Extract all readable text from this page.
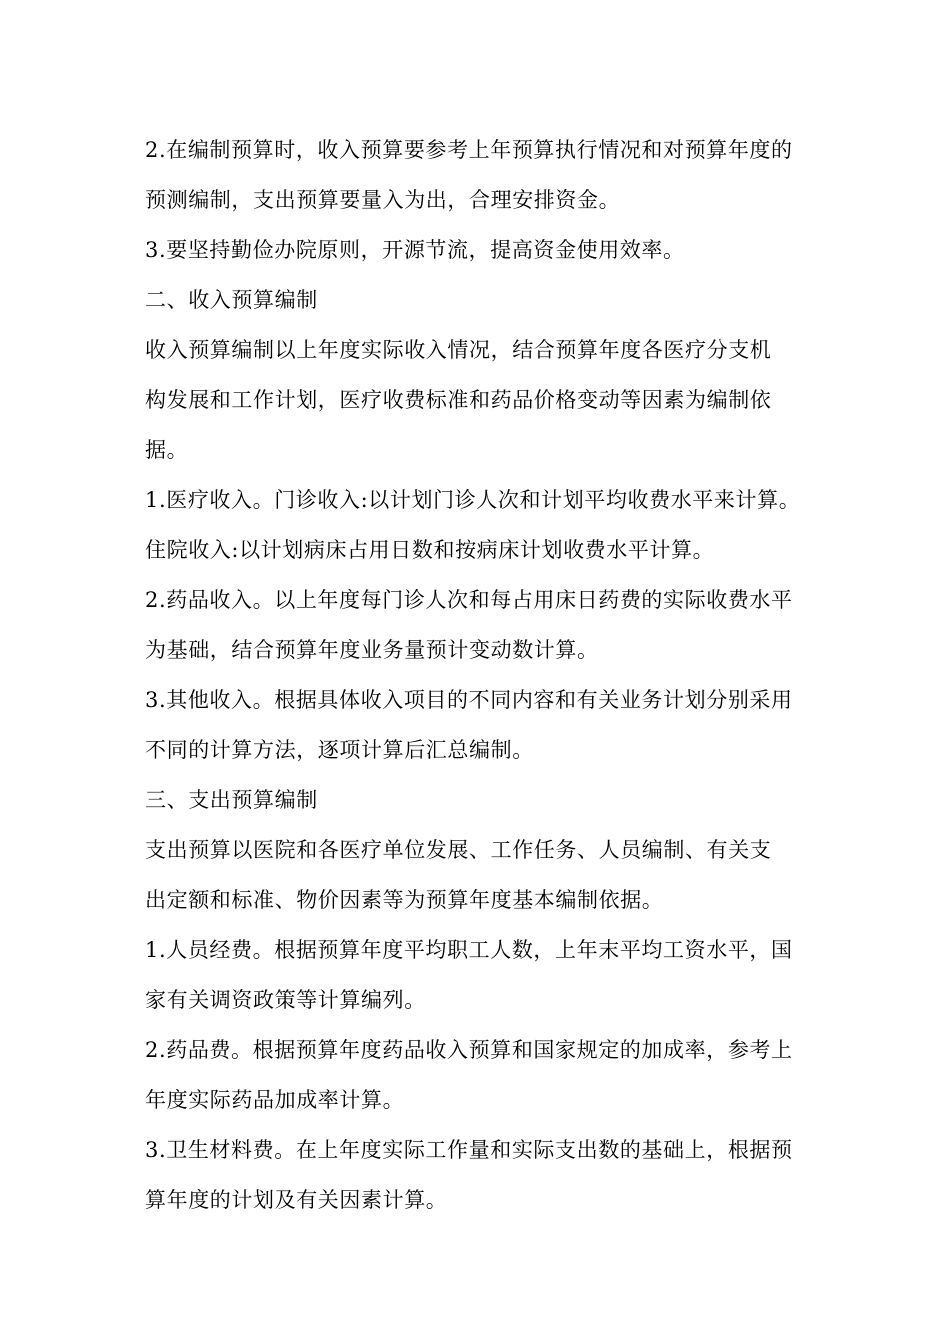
2.在编制预算时，收入预算要参考上年预算执行情况和对预算年度的
预测编制，支出预算要量入为出，合理安排资金。
3.要坚持勤俭办院原则，开源节流，提高资金使用效率。
二、收入预算编制
收入预算编制以上年度实际收入情况，结合预算年度各医疗分支机
构发展和工作计划，医疗收费标准和药品价格变动等因素为编制依
据。
1.医疗收入。门诊收入:以计划门诊人次和计划平均收费水平来计算。
住院收入:以计划病床占用日数和按病床计划收费水平计算。
2.药品收入。以上年度每门诊人次和每占用床日药费的实际收费水平
为基础，结合预算年度业务量预计变动数计算。
3.其他收入。根据具体收入项目的不同内容和有关业务计划分别采用
不同的计算方法，逐项计算后汇总编制。
三、支出预算编制
支出预算以医院和各医疗单位发展、工作任务、人员编制、有关支
出定额和标准、物价因素等为预算年度基本编制依据。
1.人员经费。根据预算年度平均职工人数，上年末平均工资水平，国
家有关调资政策等计算编列。
2.药品费。根据预算年度药品收入预算和国家规定的加成率，参考上
年度实际药品加成率计算。
3.卫生材料费。在上年度实际工作量和实际支出数的基础上，根据预
算年度的计划及有关因素计算。
